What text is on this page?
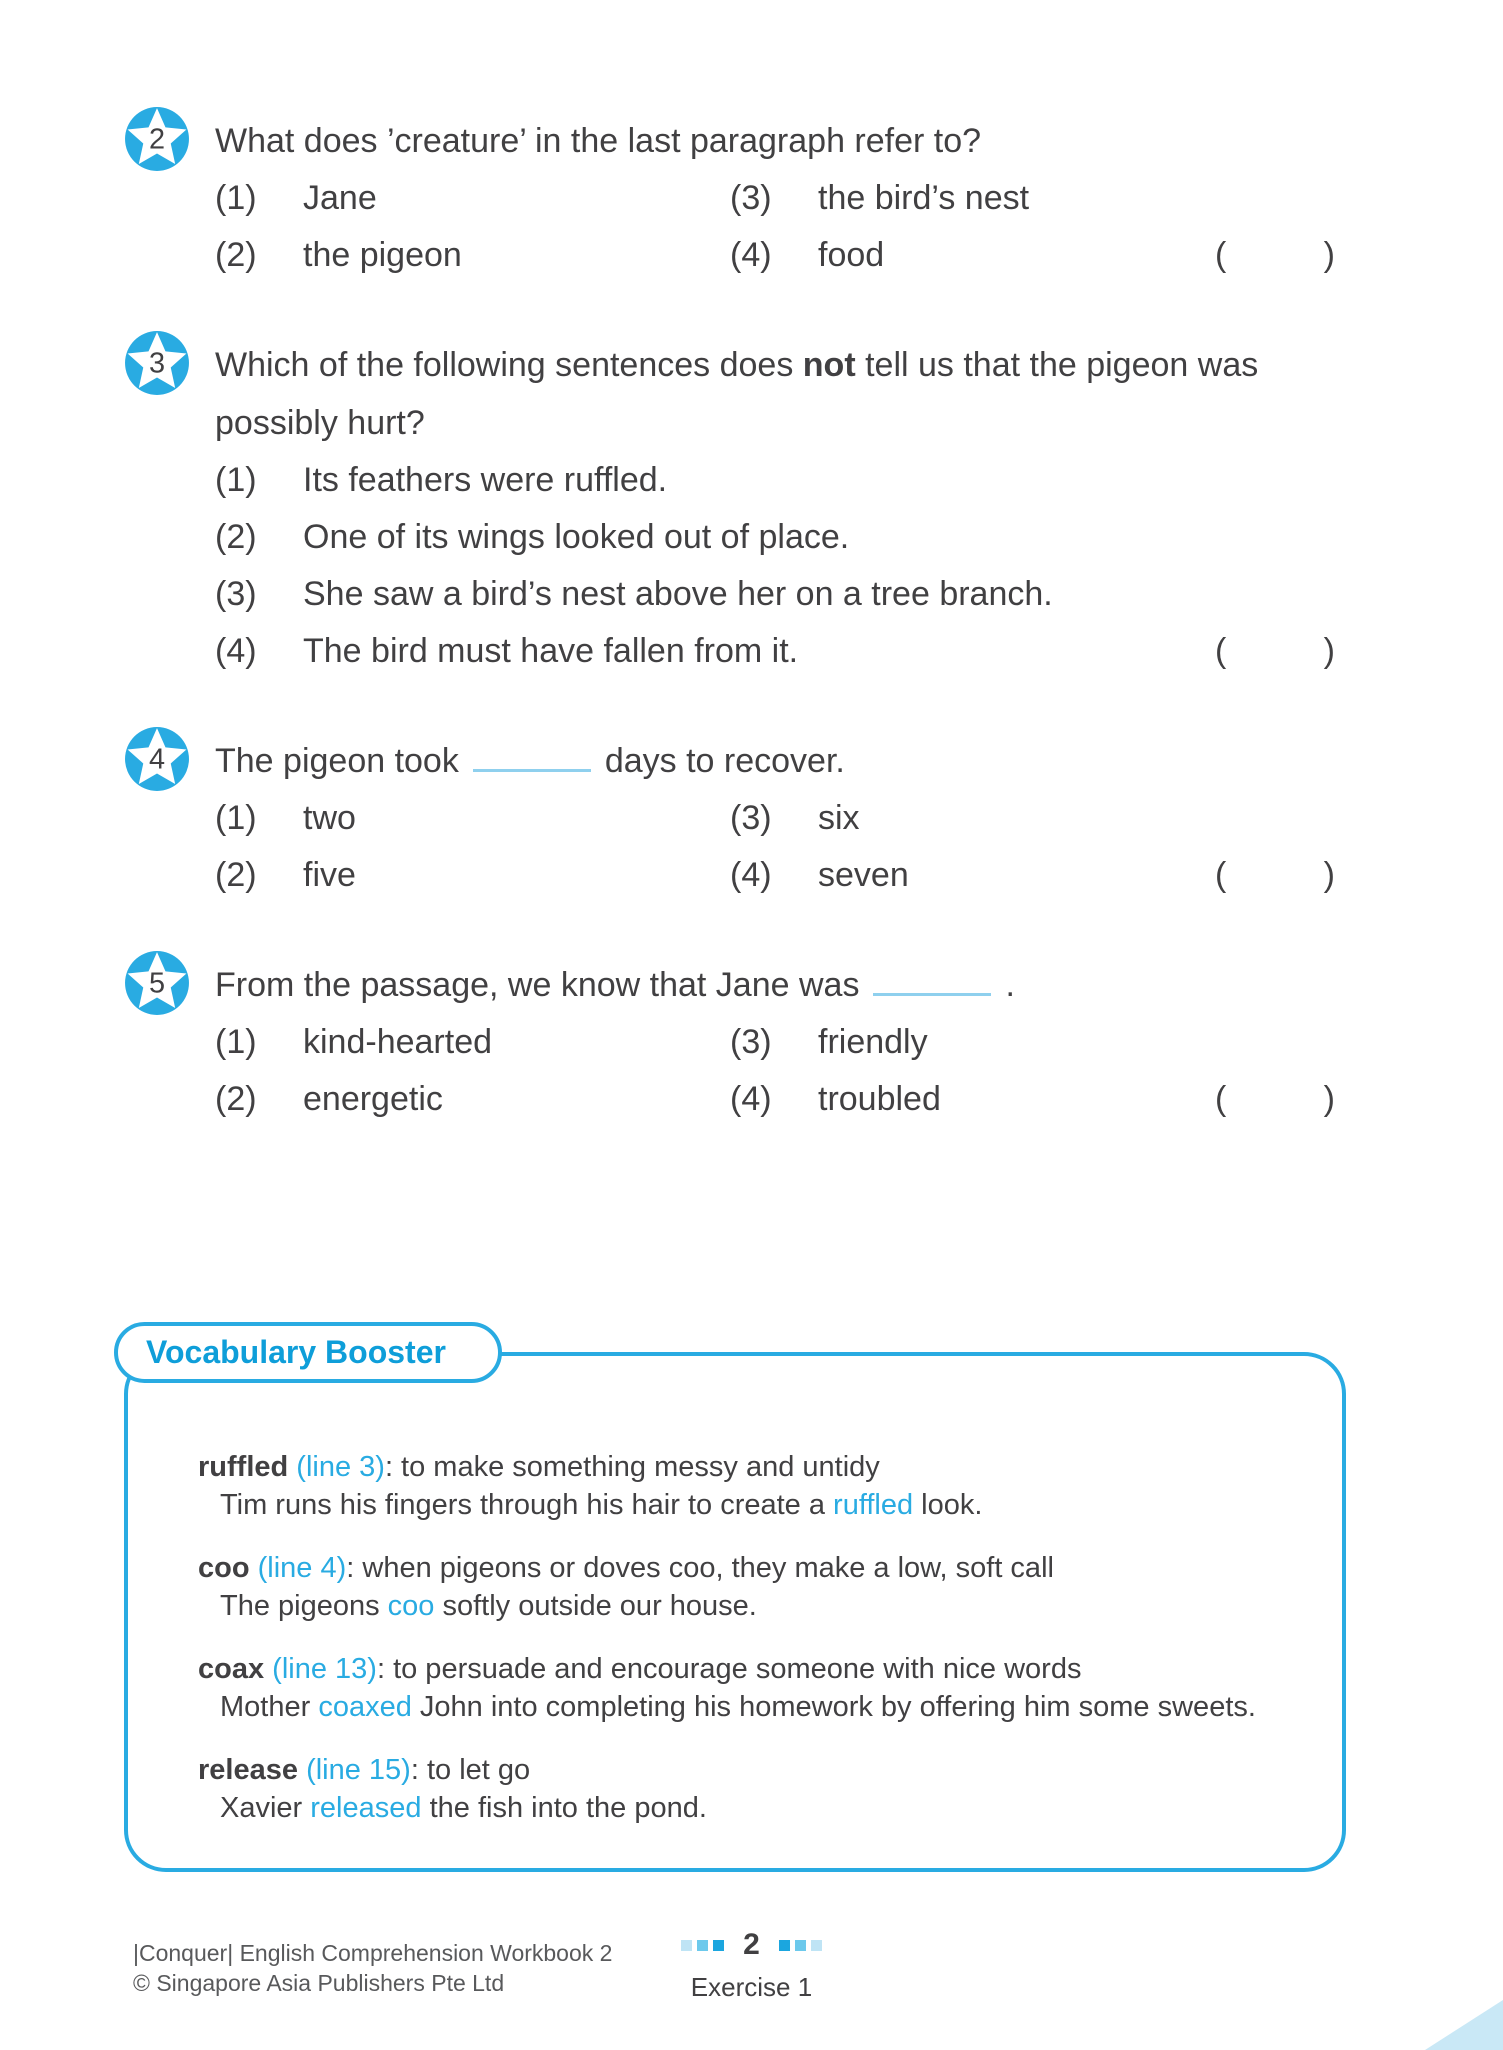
2 What does ’creature’ in the last paragraph refer to?

(1)	Jane	(3)	the bird’s nest
(2)	the pigeon	(4)	food	(	)
3 Which of the following sentences does not tell us that the pigeon was possibly hurt?

(1)	Its feathers were ruffled.
(2)	One of its wings looked out of place.
(3)	She saw a bird’s nest above her on a tree branch.
(4)	The bird must have fallen from it.	(	)
4 The pigeon took	days to recover.

(1)	two	(3)	six
(2)	five	(4)	seven	(	)
5 From the passage, we know that Jane was	.

(1)	kind-hearted	(3)	friendly
(2)	energetic	(4)	troubled	(	)
Vocabulary Booster
ruffled (line 3): to make something messy and untidy
Tim runs his fingers through his hair to create a ruffled look.
coo (line 4): when pigeons or doves coo, they make a low, soft call
The pigeons coo softly outside our house.
coax (line 13): to persuade and encourage someone with nice words
Mother coaxed John into completing his homework by offering him some sweets.
release (line 15): to let go
Xavier released the fish into the pond.
2
Exercise 1
|Conquer| English Comprehension Workbook 2
© Singapore Asia Publishers Pte Ltd
